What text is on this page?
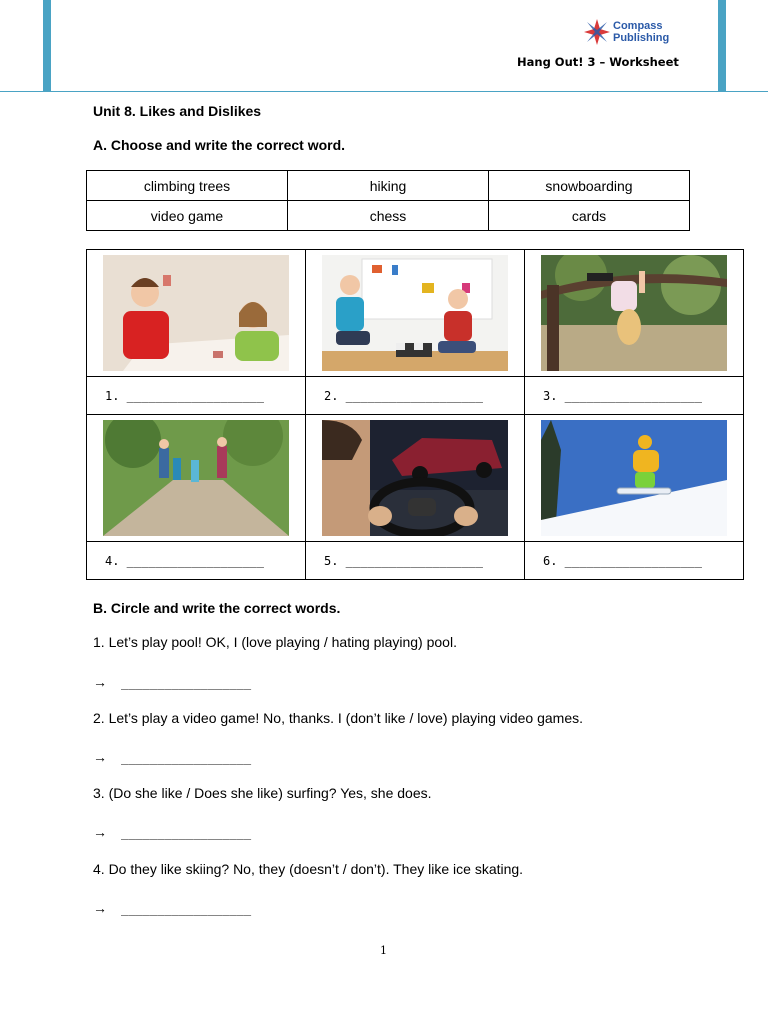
Compass
Publishing
Hang Out! 3 – Worksheet
Unit 8. Likes and Dislikes
A. Choose and write the correct word.
climbing trees	hiking	snowboarding
video game	chess	cards

1. ___________________	2. ___________________	3. ___________________

4. ___________________	5. ___________________	6. ___________________
B. Circle and write the correct words.
1. Let’s play pool! OK, I (love playing / hating playing) pool.
→ __________________
2. Let’s play a video game! No, thanks. I (don’t like / love) playing video games.
→ __________________
3. (Do she like / Does she like) surfing? Yes, she does.
→ __________________
4. Do they like skiing? No, they (doesn’t / don’t). They like ice skating.
→ __________________
1
